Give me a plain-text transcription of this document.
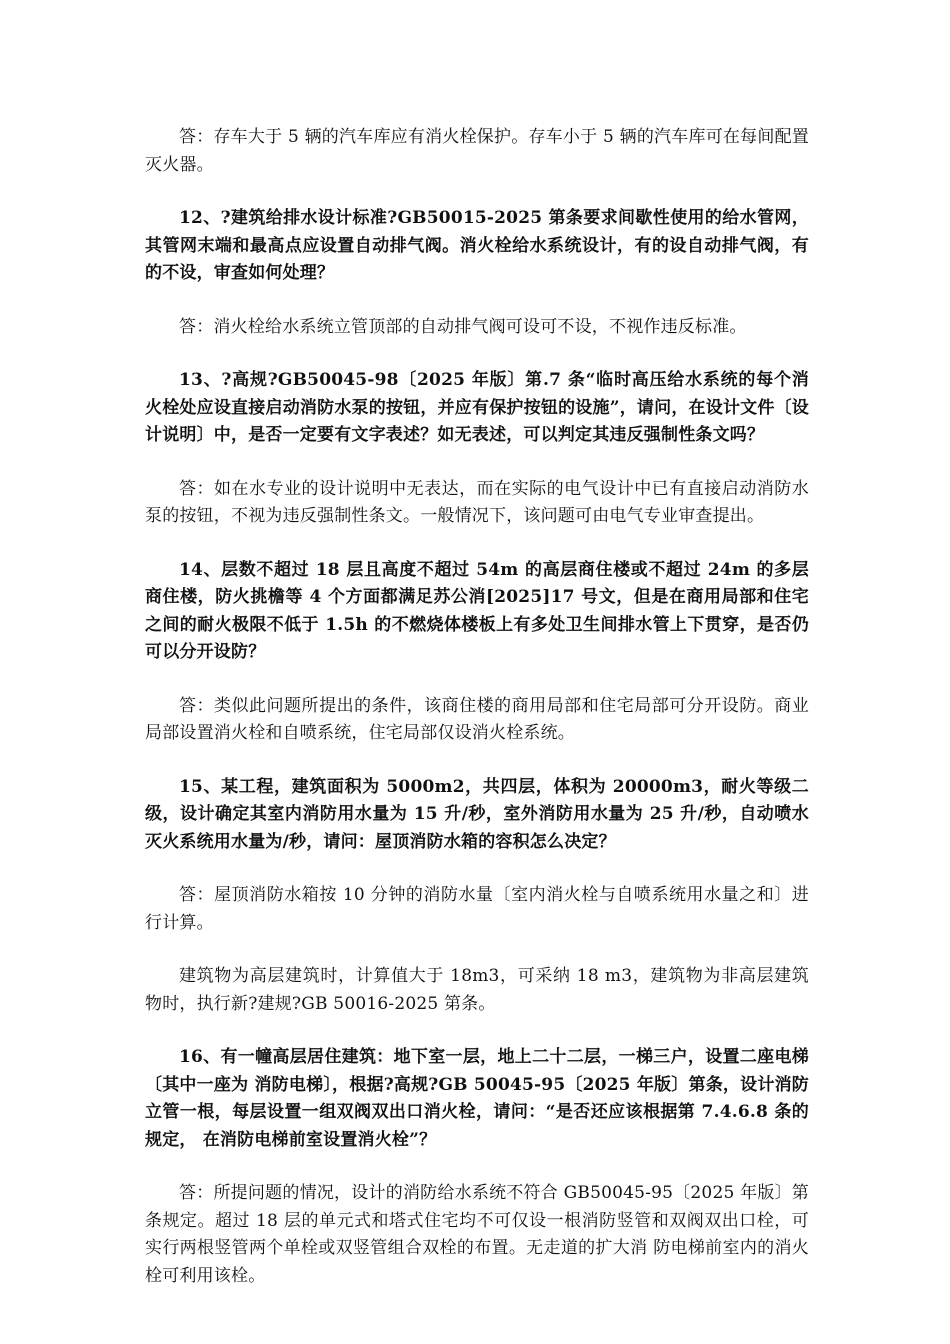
答：存车大于 5 辆的汽车库应有消火栓保护。存车小于 5 辆的汽车库可在每间配置灭火器。

12、?建筑给排水设计标准?GB50015-2025 第条要求间歇性使用的给水管网，其管网末端和最高点应设置自动排气阀。消火栓给水系统设计，有的设自动排气阀，有的不设，审查如何处理？

答：消火栓给水系统立管顶部的自动排气阀可设可不设，不视作违反标准。

13、?高规?GB50045-98〔2025 年版〕第.7 条“临时高压给水系统的每个消火栓处应设直接启动消防水泵的按钮，并应有保护按钮的设施”，请问，在设计文件〔设计说明〕中，是否一定要有文字表述？如无表述，可以判定其违反强制性条文吗？

答：如在水专业的设计说明中无表达，而在实际的电气设计中已有直接启动消防水泵的按钮，不视为违反强制性条文。一般情况下，该问题可由电气专业审查提出。

14、层数不超过 18 层且高度不超过 54m 的高层商住楼或不超过 24m 的多层商住楼，防火挑檐等 4 个方面都满足苏公消[2025]17 号文，但是在商用局部和住宅之间的耐火极限不低于 1.5h 的不燃烧体楼板上有多处卫生间排水管上下贯穿，是否仍可以分开设防？

答：类似此问题所提出的条件，该商住楼的商用局部和住宅局部可分开设防。商业局部设置消火栓和自喷系统，住宅局部仅设消火栓系统。

15、某工程，建筑面积为 5000m2，共四层，体积为 20000m3，耐火等级二级，设计确定其室内消防用水量为 15 升/秒，室外消防用水量为 25 升/秒，自动喷水灭火系统用水量为/秒，请问：屋顶消防水箱的容积怎么决定？

答：屋顶消防水箱按 10 分钟的消防水量〔室内消火栓与自喷系统用水量之和〕进行计算。

建筑物为高层建筑时，计算值大于 18m3，可采纳 18 m3，建筑物为非高层建筑物时，执行新?建规?GB 50016-2025 第条。

16、有一幢高层居住建筑：地下室一层，地上二十二层，一梯三户，设置二座电梯〔其中一座为 消防电梯〕，根据?高规?GB 50045-95〔2025 年版〕第条，设计消防立管一根，每层设置一组双阀双出口消火栓，请问：“是否还应该根据第 7.4.6.8 条的规定， 在消防电梯前室设置消火栓”？

答：所提问题的情况，设计的消防给水系统不符合 GB50045-95〔2025 年版〕第 条规定。超过 18 层的单元式和塔式住宅均不可仅设一根消防竖管和双阀双出口栓，可实行两根竖管两个单栓或双竖管组合双栓的布置。无走道的扩大消 防电梯前室内的消火栓可利用该栓。
